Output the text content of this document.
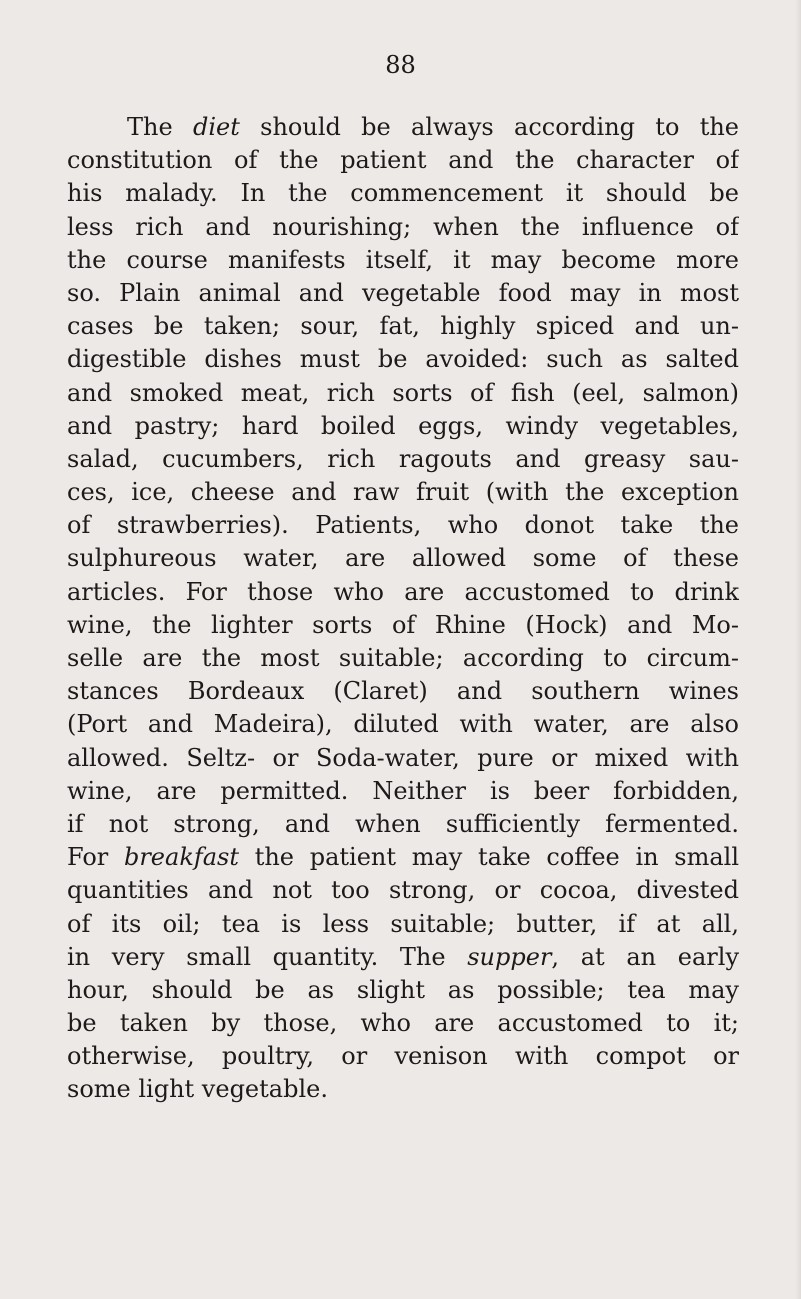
88
The diet should be always according to the
constitution of the patient and the character of
his malady. In the commencement it should be
less rich and nourishing; when the influence of
the course manifests itself, it may become more
so. Plain animal and vegetable food may in most
cases be taken; sour, fat, highly spiced and un-
digestible dishes must be avoided: such as salted
and smoked meat, rich sorts of fish (eel, salmon)
and pastry; hard boiled eggs, windy vegetables,
salad, cucumbers, rich ragouts and greasy sau-
ces, ice, cheese and raw fruit (with the exception
of strawberries). Patients, who donot take the
sulphureous water, are allowed some of these
articles. For those who are accustomed to drink
wine, the lighter sorts of Rhine (Hock) and Mo-
selle are the most suitable; according to circum-
stances Bordeaux (Claret) and southern wines
(Port and Madeira), diluted with water, are also
allowed. Seltz- or Soda-water, pure or mixed with
wine, are permitted. Neither is beer forbidden,
if not strong, and when sufficiently fermented.
For breakfast the patient may take coffee in small
quantities and not too strong, or cocoa, divested
of its oil; tea is less suitable; butter, if at all,
in very small quantity. The supper, at an early
hour, should be as slight as possible; tea may
be taken by those, who are accustomed to it;
otherwise, poultry, or venison with compot or
some light vegetable.
